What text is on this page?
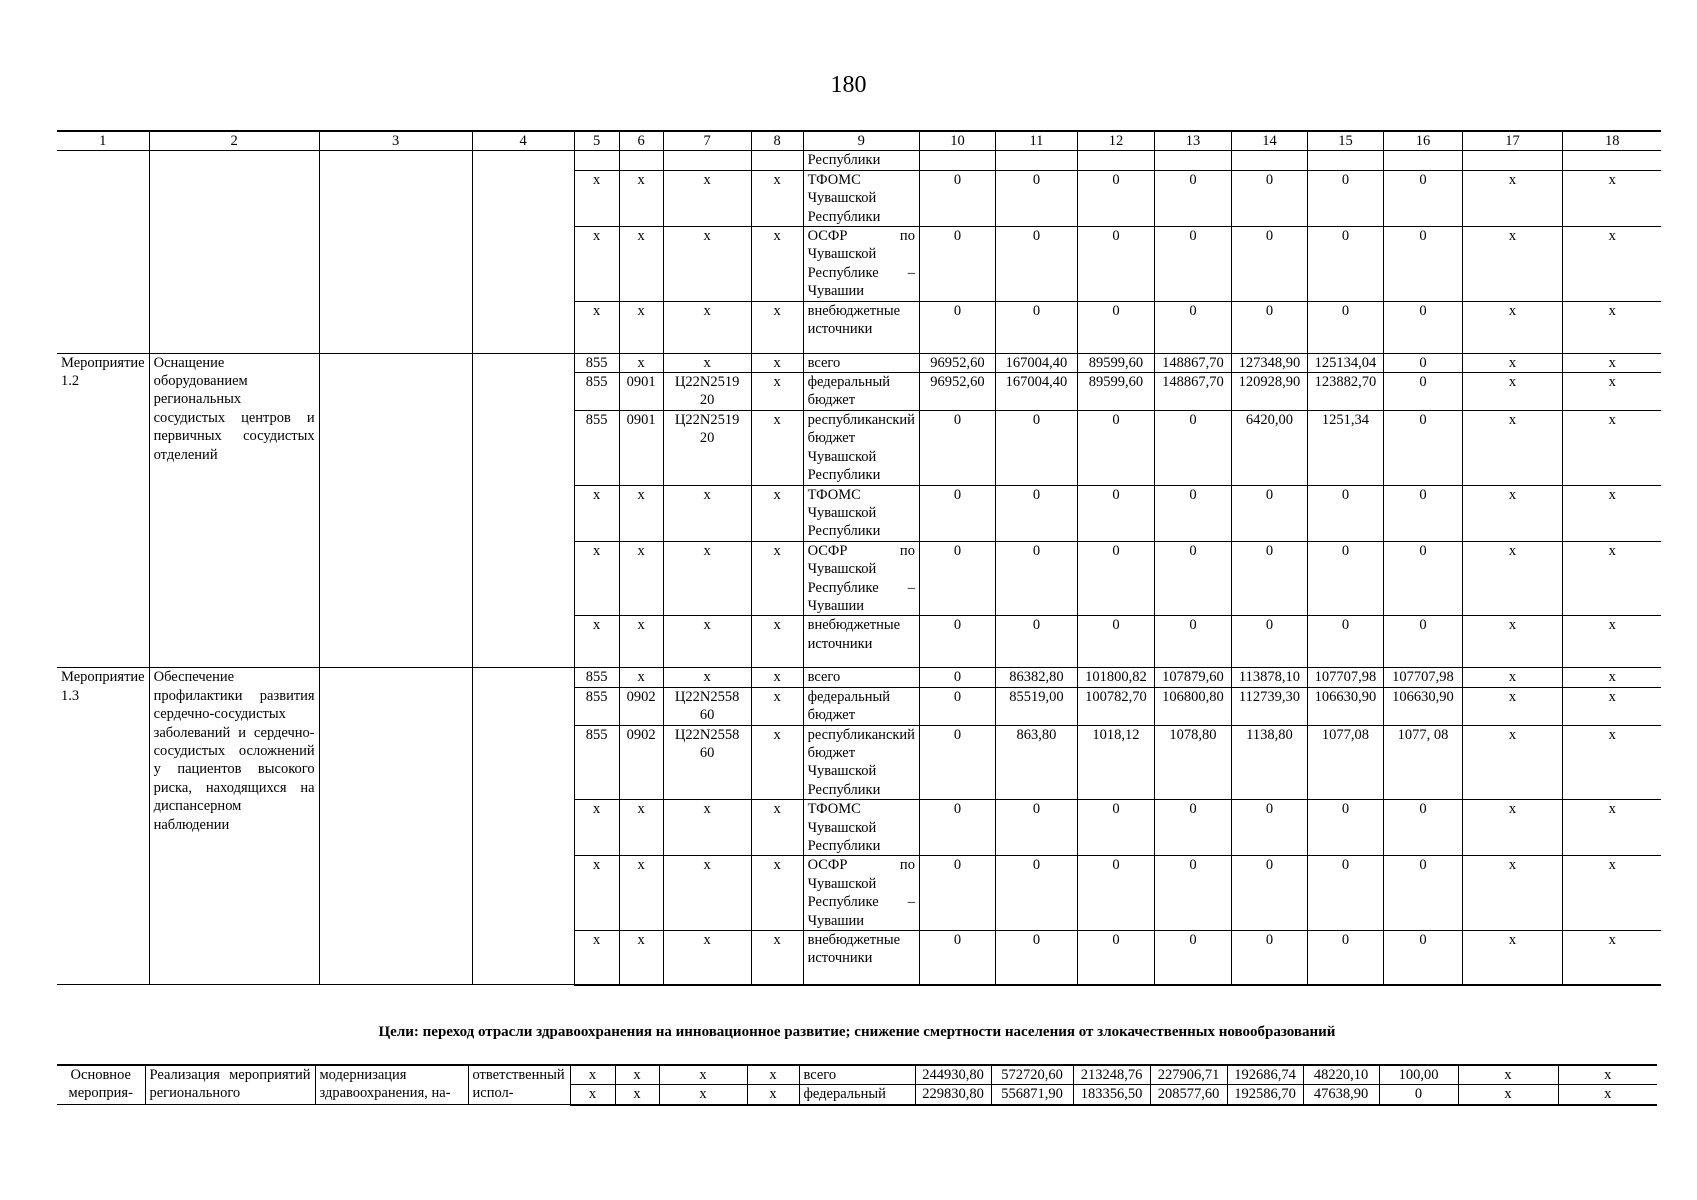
180
1	2	3	4	5	6	7	8	9	10	11	12	13	14	15	16	17	18
								Республики									
				х	х	х	х	ТФОМС Чувашской Республики	0	0	0	0	0	0	0	х	х
				х	х	х	х	ОСФР по Чувашской Республике – Чувашии	0	0	0	0	0	0	0	х	х
				х	х	х	х	внебюджетные источники	0	0	0	0	0	0	0	х	х
Мероприятие 1.2	Оснащение оборудованием региональных сосудистых центров и первичных сосудистых отделений			855	х	х	х	всего	96952,60	167004,40	89599,60	148867,70	127348,90	125134,04	0	х	х
				855	0901	Ц22N2519 20	х	федеральный бюджет	96952,60	167004,40	89599,60	148867,70	120928,90	123882,70	0	х	х
				855	0901	Ц22N2519 20	х	республиканский бюджет Чувашской Республики	0	0	0	0	6420,00	1251,34	0	х	х
				х	х	х	х	ТФОМС Чувашской Республики	0	0	0	0	0	0	0	х	х
				х	х	х	х	ОСФР по Чувашской Республике – Чувашии	0	0	0	0	0	0	0	х	х
				х	х	х	х	внебюджетные источники	0	0	0	0	0	0	0	х	х
Мероприятие 1.3	Обеспечение профилактики развития сердечно-сосудистых заболеваний и сердечно-сосудистых осложнений у пациентов высокого риска, находящихся на диспансерном наблюдении			855	х	х	х	всего	0	86382,80	101800,82	107879,60	113878,10	107707,98	107707,98	х	х
				855	0902	Ц22N2558 60	х	федеральный бюджет	0	85519,00	100782,70	106800,80	112739,30	106630,90	106630,90	х	х
				855	0902	Ц22N2558 60	х	республиканский бюджет Чувашской Республики	0	863,80	1018,12	1078,80	1138,80	1077,08	1077, 08	х	х
				х	х	х	х	ТФОМС Чувашской Республики	0	0	0	0	0	0	0	х	х
				х	х	х	х	ОСФР по Чувашской Республике – Чувашии	0	0	0	0	0	0	0	х	х
				х	х	х	х	внебюджетные источники	0	0	0	0	0	0	0	х	х
Цели: переход отрасли здравоохранения на инновационное развитие; снижение смертности населения от злокачественных новообразований
Основное мероприя-	Реализация мероприятий регионального	модернизация здравоохранения, на-	ответственный испол-	х	х	х	х	всего	244930,80	572720,60	213248,76	227906,71	192686,74	48220,10	100,00	х	х
				х	х	х	х	федеральный	229830,80	556871,90	183356,50	208577,60	192586,70	47638,90	0	х	х
